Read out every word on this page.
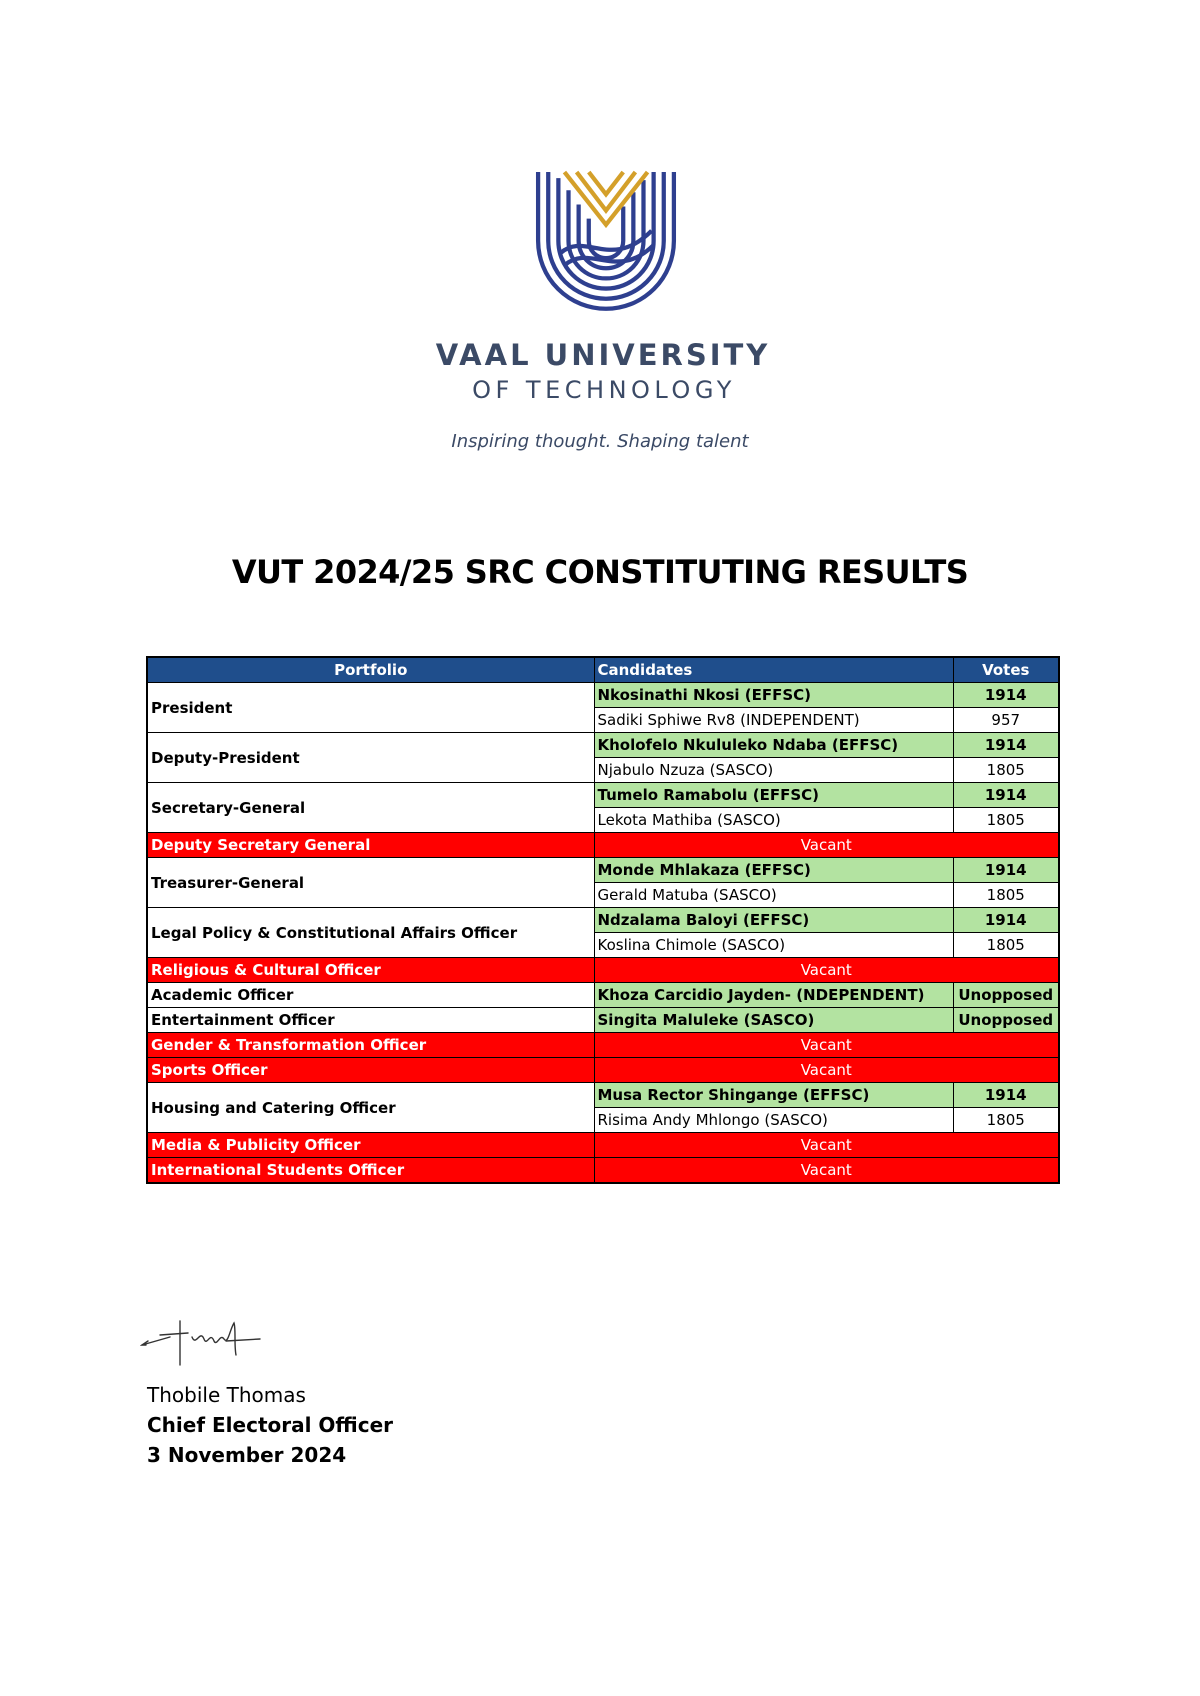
VAAL UNIVERSITY
OF TECHNOLOGY
Inspiring thought. Shaping talent
VUT 2024/25 SRC CONSTITUTING RESULTS
Portfolio	Candidates	Votes
President	Nkosinathi Nkosi (EFFSC)	1914
	Sadiki Sphiwe Rv8 (INDEPENDENT)	957
Deputy-President	Kholofelo Nkululeko Ndaba (EFFSC)	1914
	Njabulo Nzuza (SASCO)	1805
Secretary-General	Tumelo Ramabolu (EFFSC)	1914
	Lekota Mathiba (SASCO)	1805
Deputy Secretary General	Vacant	
Treasurer-General	Monde Mhlakaza (EFFSC)	1914
	Gerald Matuba (SASCO)	1805
Legal Policy & Constitutional Affairs Officer	Ndzalama Baloyi (EFFSC)	1914
	Koslina Chimole (SASCO)	1805
Religious & Cultural Officer	Vacant	
Academic Officer	Khoza Carcidio Jayden- (NDEPENDENT)	Unopposed
Entertainment Officer	Singita Maluleke (SASCO)	Unopposed
Gender & Transformation Officer	Vacant	
Sports Officer	Vacant	
Housing and Catering Officer	Musa Rector Shingange (EFFSC)	1914
	Risima Andy Mhlongo (SASCO)	1805
Media & Publicity Officer	Vacant	
International Students Officer	Vacant	
Thobile Thomas
Chief Electoral Officer
3 November 2024
